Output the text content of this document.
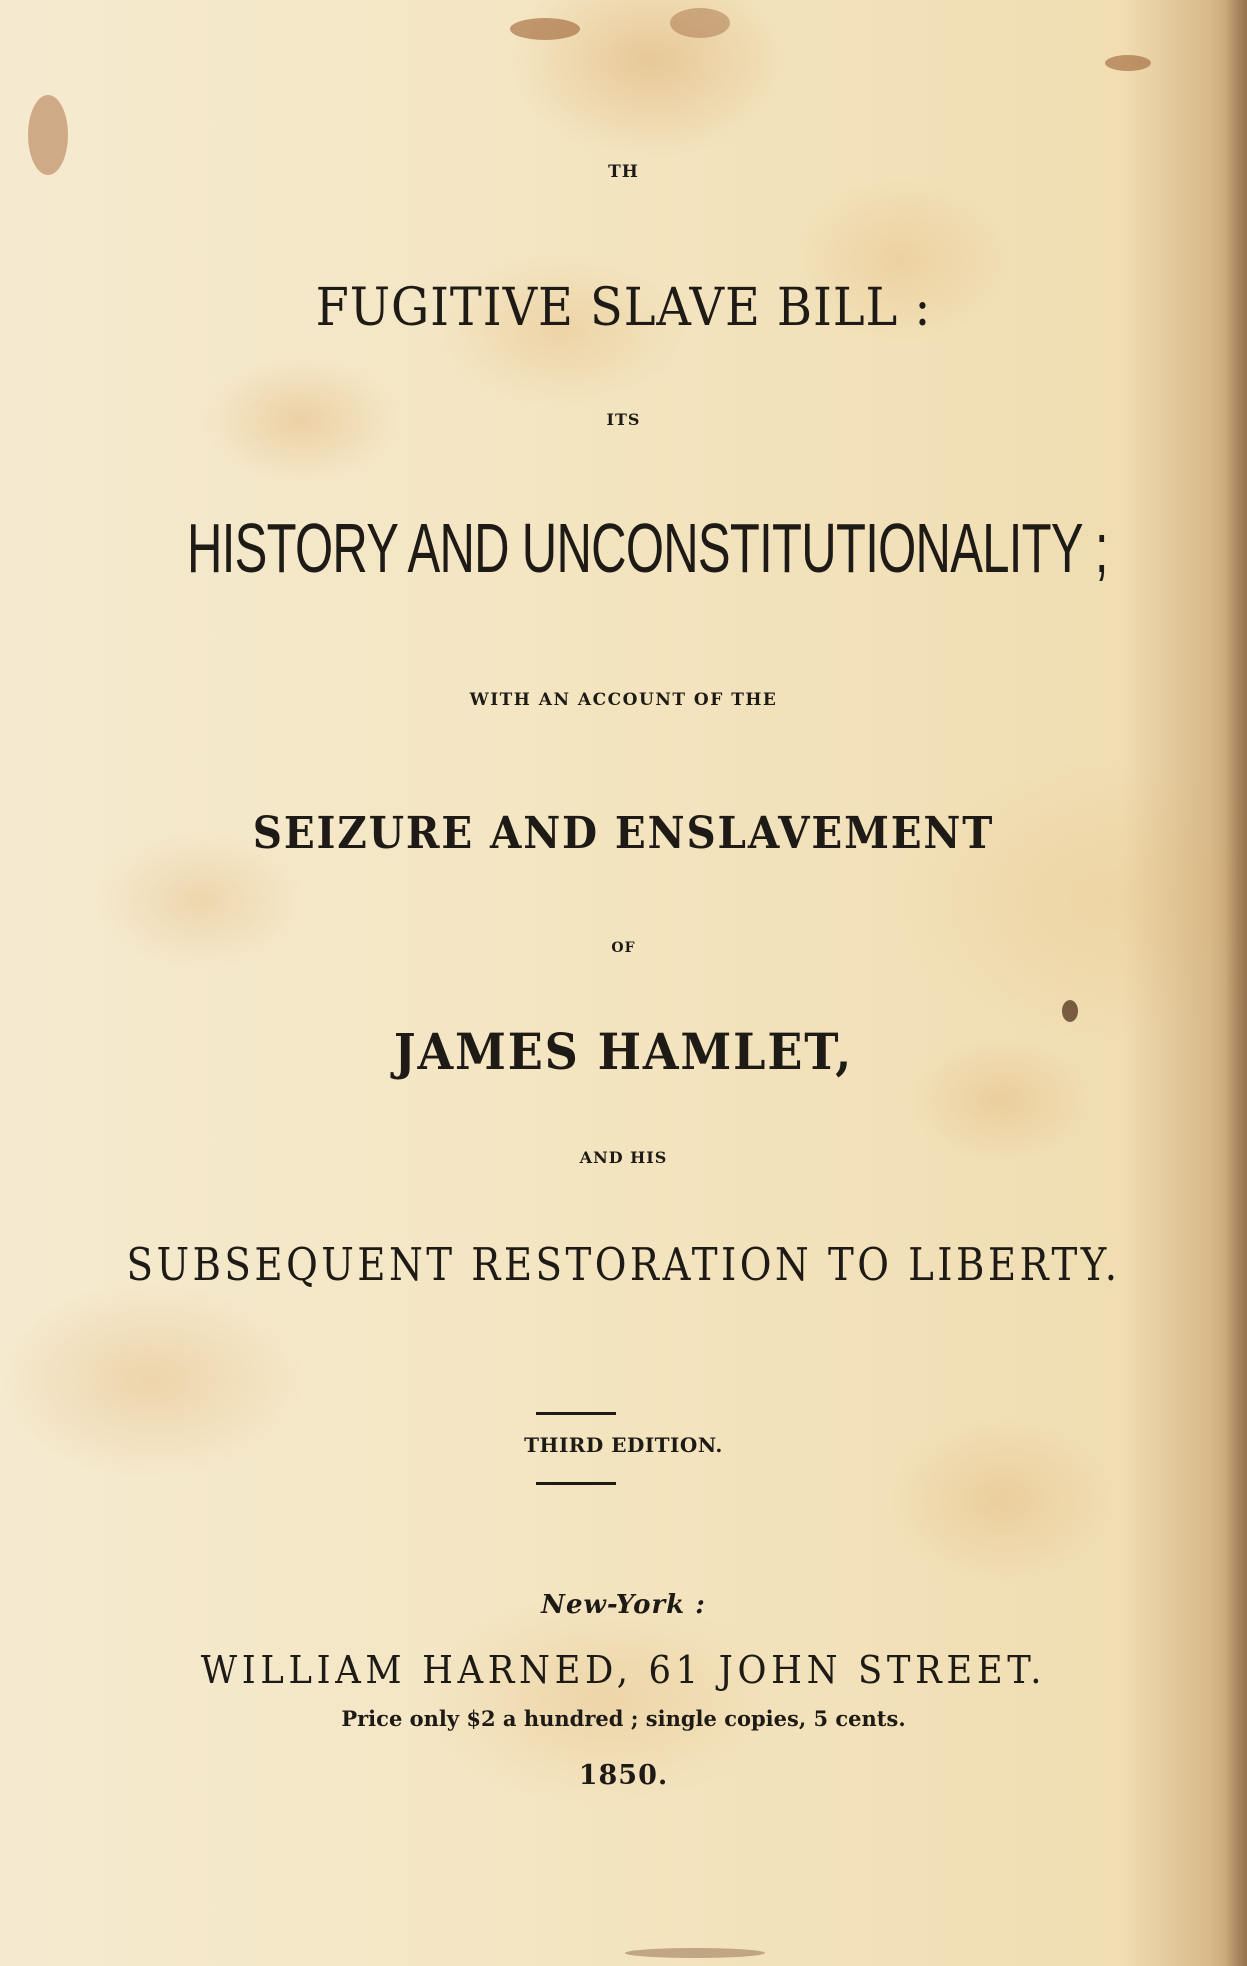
TH

FUGITIVE SLAVE BILL :

ITS

HISTORY AND UNCONSTITUTIONALITY ;

WITH AN ACCOUNT OF THE

SEIZURE AND ENSLAVEMENT

OF

JAMES HAMLET,

AND HIS

SUBSEQUENT RESTORATION TO LIBERTY.

THIRD EDITION.

New-York :

WILLIAM HARNED, 61 JOHN STREET.

Price only $2 a hundred ; single copies, 5 cents.

1850.
